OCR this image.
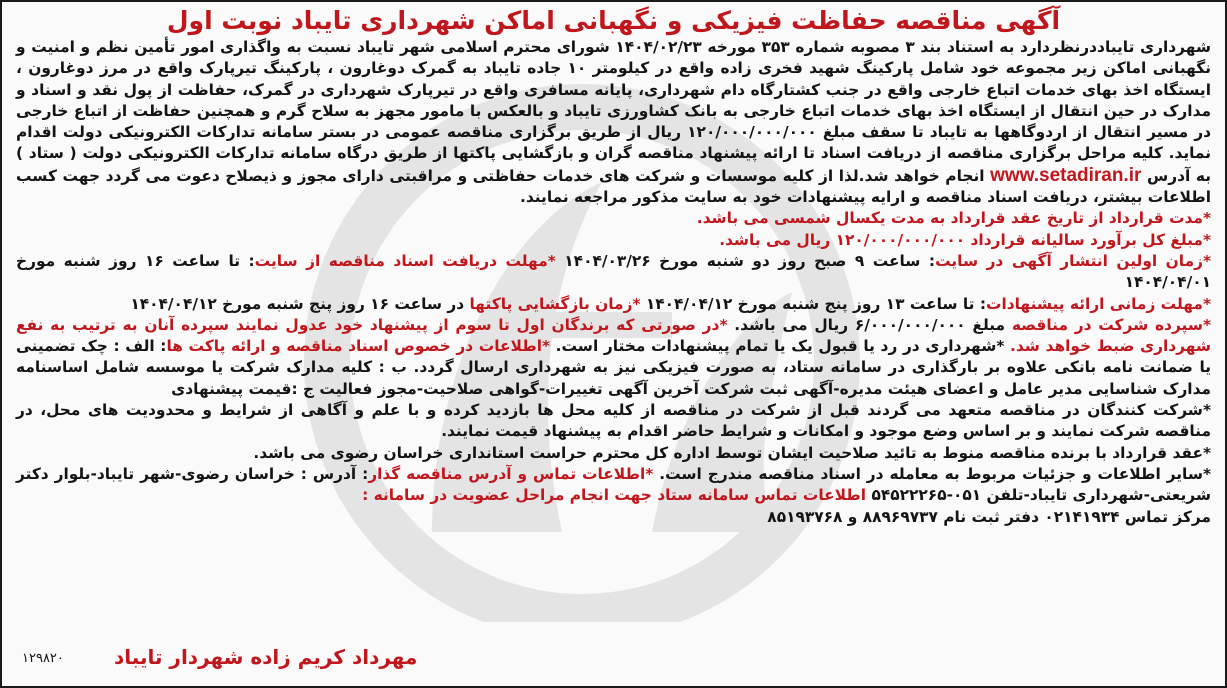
آگهی مناقصه حفاظت فیزیکی و نگهبانی اماکن شهرداری تایباد نوبت اول

شهرداری تایباددرنظردارد به استناد بند ۳ مصوبه شماره ۳۵۳ مورخه ۱۴۰۴/۰۲/۲۳ شورای محترم اسلامی شهر تایباد نسبت به واگذاری امور تأمین نظم و امنیت و نگهبانی اماکن زیر مجموعه خود شامل پارکینگ شهید فخری زاده واقع در کیلومتر ۱۰ جاده تایباد به گمرک دوغارون ، پارکینگ تیرپارک واقع در مرز دوغارون ، ایستگاه اخذ بهای خدمات اتباع خارجی واقع در جنب کشتارگاه دام شهرداری، پایانه مسافری واقع در تیرپارک شهرداری در گمرک، حفاظت از پول نقد و اسناد و مدارک در حین انتقال از ایستگاه اخذ بهای خدمات اتباع خارجی به بانک کشاورزی تایباد و بالعکس با مامور مجهز به سلاح گرم و همچنین حفاظت از اتباع خارجی در مسیر انتقال از اردوگاهها به تایباد تا سقف مبلغ ۱۲۰/۰۰۰/۰۰۰/۰۰۰ ریال از طریق برگزاری مناقصه عمومی در بستر سامانه تدارکات الکترونیکی دولت اقدام نماید. کلیه مراحل برگزاری مناقصه از دریافت اسناد تا ارائه پیشنهاد مناقصه گران و بازگشایی پاکتها از طریق درگاه سامانه تدارکات الکترونیکی دولت ( ستاد ) به آدرس www.setadiran.ir انجام خواهد شد.لذا از کلیه موسسات و شرکت های خدمات حفاظتی و مراقبتی دارای مجوز و ذیصلاح دعوت می گردد جهت کسب اطلاعات بیشتر، دریافت اسناد مناقصه و ارایه پیشنهادات خود به سایت مذکور مراجعه نمایند.

*مدت قرارداد از تاریخ عقد قرارداد به مدت یکسال شمسی می باشد.

*مبلغ کل برآورد سالیانه قرارداد ۱۲۰/۰۰۰/۰۰۰/۰۰۰ ریال می باشد.

*زمان اولین انتشار آگهی در سایت: ساعت ۹ صبح روز دو شنبه مورخ ۱۴۰۴/۰۳/۲۶ *مهلت دریافت اسناد مناقصه از سایت: تا ساعت ۱۶ روز شنبه مورخ ۱۴۰۴/۰۴/۰۱

*مهلت زمانی ارائه پیشنهادات: تا ساعت ۱۳ روز پنج شنبه مورخ ۱۴۰۴/۰۴/۱۲ *زمان بازگشایی پاکتها در ساعت ۱۶ روز پنج شنبه مورخ ۱۴۰۴/۰۴/۱۲

*سپرده شرکت در مناقصه مبلغ ۶/۰۰۰/۰۰۰/۰۰۰ ریال می باشد. *در صورتی که برندگان اول تا سوم از پیشنهاد خود عدول نمایند سپرده آنان به ترتیب به نفع شهرداری ضبط خواهد شد. *شهرداری در رد یا قبول یک یا تمام پیشنهادات مختار است. *اطلاعات در خصوص اسناد مناقصه و ارائه پاکت ها: الف : چک تضمینی یا ضمانت نامه بانکی علاوه بر بارگذاری در سامانه ستاد، به صورت فیزیکی نیز به شهرداری ارسال گردد. ب : کلیه مدارک شرکت یا موسسه شامل اساسنامه مدارک شناسایی مدیر عامل و اعضای هیئت مدیره-آگهی ثبت شرکت آخرین آگهی تغییرات-گواهی صلاحیت-مجوز فعالیت ج :قیمت پیشنهادی

*شرکت کنندگان در مناقصه متعهد می گردند قبل از شرکت در مناقصه از کلیه محل ها بازدید کرده و با علم و آگاهی از شرایط و محدودیت های محل، در مناقصه شرکت نمایند و بر اساس وضع موجود و امکانات و شرایط حاضر اقدام به پیشنهاد قیمت نمایند.

*عقد قرارداد با برنده مناقصه منوط به تائید صلاحیت ایشان توسط اداره کل محترم حراست استانداری خراسان رضوی می باشد.

*سایر اطلاعات و جزئیات مربوط به معامله در اسناد مناقصه مندرج است. *اطلاعات تماس و آدرس مناقصه گذار: آدرس : خراسان رضوی-شهر تایباد-بلوار دکتر شریعتی-شهرداری تایباد-تلفن ۰۵۱-۵۴۵۲۲۲۶۵ اطلاعات تماس سامانه ستاد جهت انجام مراحل عضویت در سامانه :

مرکز تماس ۰۲۱۴۱۹۳۴ دفتر ثبت نام ۸۸۹۶۹۷۳۷ و ۸۵۱۹۳۷۶۸

مهرداد کریم زاده شهردار تایباد
۱۲۹۸۲۰
